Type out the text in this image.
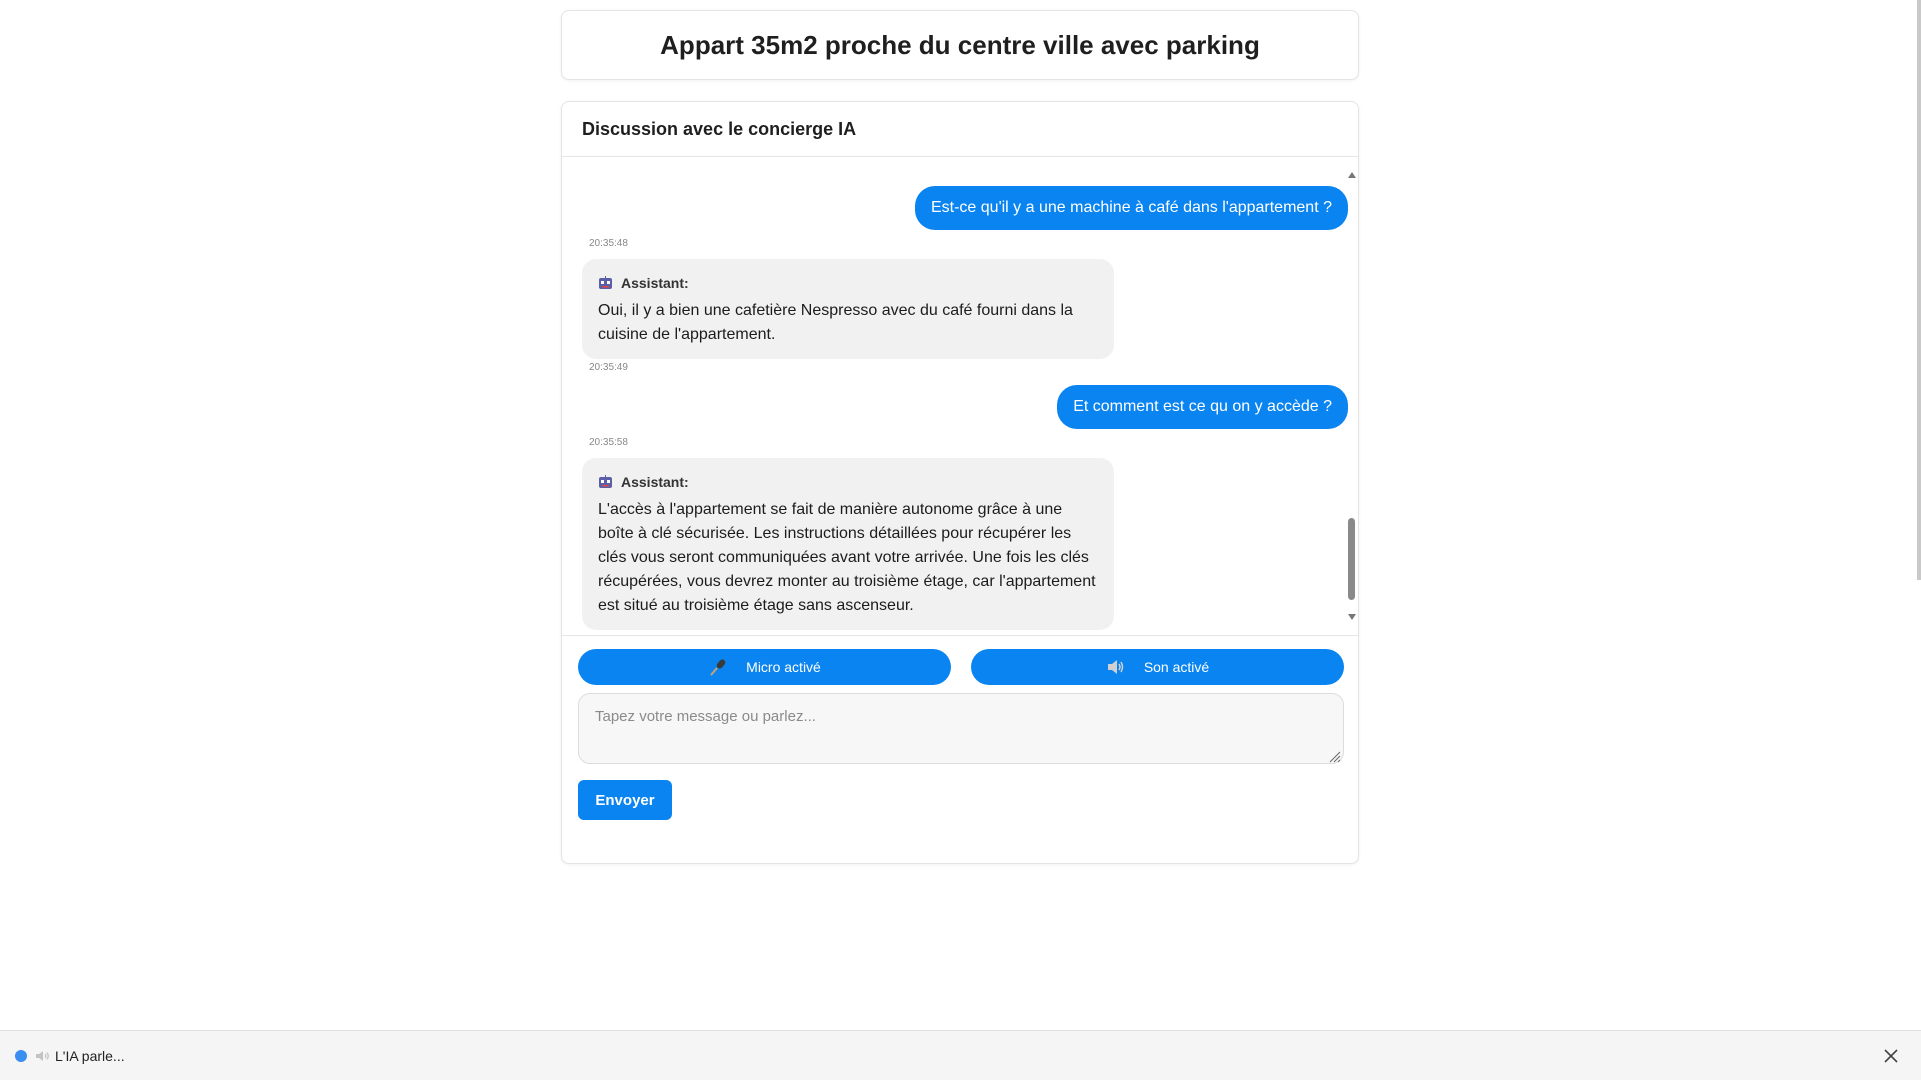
Appart 35m2 proche du centre ville avec parking
Discussion avec le concierge IA
Est-ce qu'il y a une machine à café dans l'appartement ?
20:35:48
Assistant:
Oui, il y a bien une cafetière Nespresso avec du café fourni dans la cuisine de l'appartement.
20:35:49
Et comment est ce qu on y accède ?
20:35:58
Assistant:
L'accès à l'appartement se fait de manière autonome grâce à une boîte à clé sécurisée. Les instructions détaillées pour récupérer les clés vous seront communiquées avant votre arrivée. Une fois les clés récupérées, vous devrez monter au troisième étage, car l'appartement est situé au troisième étage sans ascenseur.
Micro activé	Son activé
Tapez votre message ou parlez...
Envoyer
L'IA parle...
